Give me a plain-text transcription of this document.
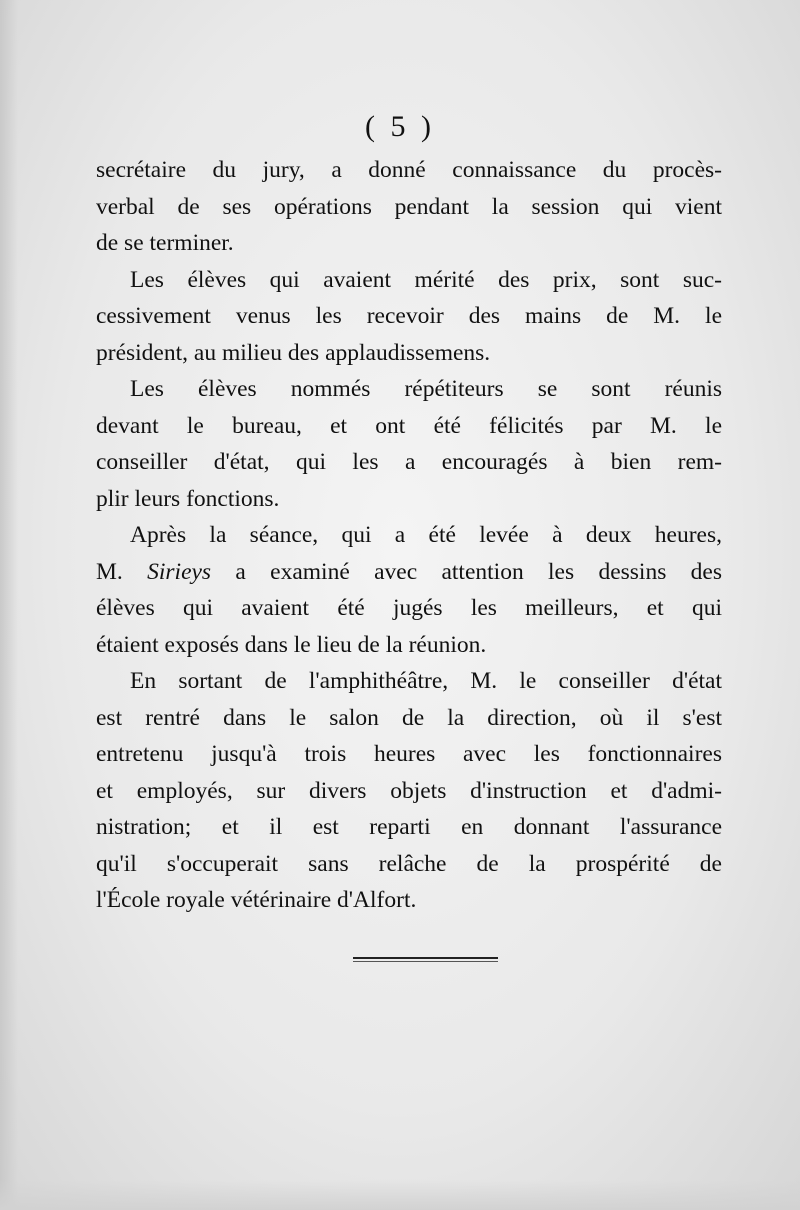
( 5 )
secrétaire du jury, a donné connaissance du procès-
verbal de ses opérations pendant la session qui vient
de se terminer.
Les élèves qui avaient mérité des prix, sont suc-
cessivement venus les recevoir des mains de M. le
président, au milieu des applaudissemens.
Les élèves nommés répétiteurs se sont réunis
devant le bureau, et ont été félicités par M. le
conseiller d'état, qui les a encouragés à bien rem-
plir leurs fonctions.
Après la séance, qui a été levée à deux heures,
M. Sirieys a examiné avec attention les dessins des
élèves qui avaient été jugés les meilleurs, et qui
étaient exposés dans le lieu de la réunion.
En sortant de l'amphithéâtre, M. le conseiller d'état
est rentré dans le salon de la direction, où il s'est
entretenu jusqu'à trois heures avec les fonctionnaires
et employés, sur divers objets d'instruction et d'admi-
nistration; et il est reparti en donnant l'assurance
qu'il s'occuperait sans relâche de la prospérité de
l'École royale vétérinaire d'Alfort.
